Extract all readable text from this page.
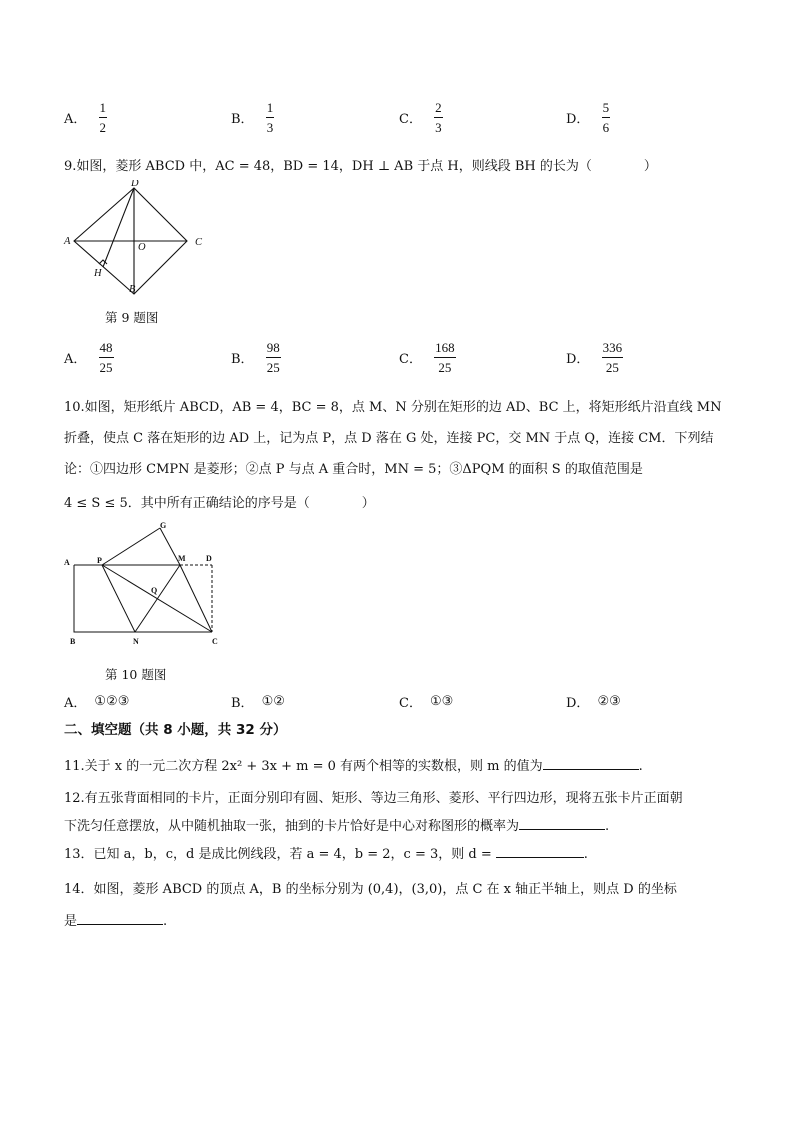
A． $\frac{1}{2}$	B． $\frac{1}{3}$	C． $\frac{2}{3}$	D． $\frac{5}{6}$
9.如图，菱形 ABCD 中，AC = 48，BD = 14，DH ⊥ AB 于点 H，则线段 BH 的长为（　　　　）
D
A
O	C
H
B
第 9 题图
A． $\frac{48}{25}$	B． $\frac{98}{25}$	C． $\frac{168}{25}$	D． $\frac{336}{25}$
10.如图，矩形纸片 ABCD，AB = 4，BC = 8，点 M、N 分别在矩形的边 AD、BC 上，将矩形纸片沿直线 MN
折叠，使点 C 落在矩形的边 AD 上，记为点 P，点 D 落在 G 处，连接 PC，交 MN 于点 Q，连接 CM．下列结
论：①四边形 CMPN 是菱形；②点 P 与点 A 重合时，MN = 5；③ΔPQM 的面积 S 的取值范围是
4 ≤ S ≤ 5．其中所有正确结论的序号是（　　　　）
A	P
G
M	D
Q
B	N	C
第 10 题图
A． ①②③	B． ①②	C． ①③	D． ②③
二、填空题（共 8 小题，共 32 分）
11.关于 x 的一元二次方程 2x² + 3x + m = 0 有两个相等的实数根，则 m 的值为	.
12.有五张背面相同的卡片，正面分别印有圆、矩形、等边三角形、菱形、平行四边形，现将五张卡片正面朝
下洗匀任意摆放，从中随机抽取一张，抽到的卡片恰好是中心对称图形的概率为	.
13．已知 a，b，c，d 是成比例线段，若 a = 4，b = 2，c = 3，则 d =	.
14．如图，菱形 ABCD 的顶点 A，B 的坐标分别为 (0,4)，(3,0)，点 C 在 x 轴正半轴上，则点 D 的坐标
是	.
